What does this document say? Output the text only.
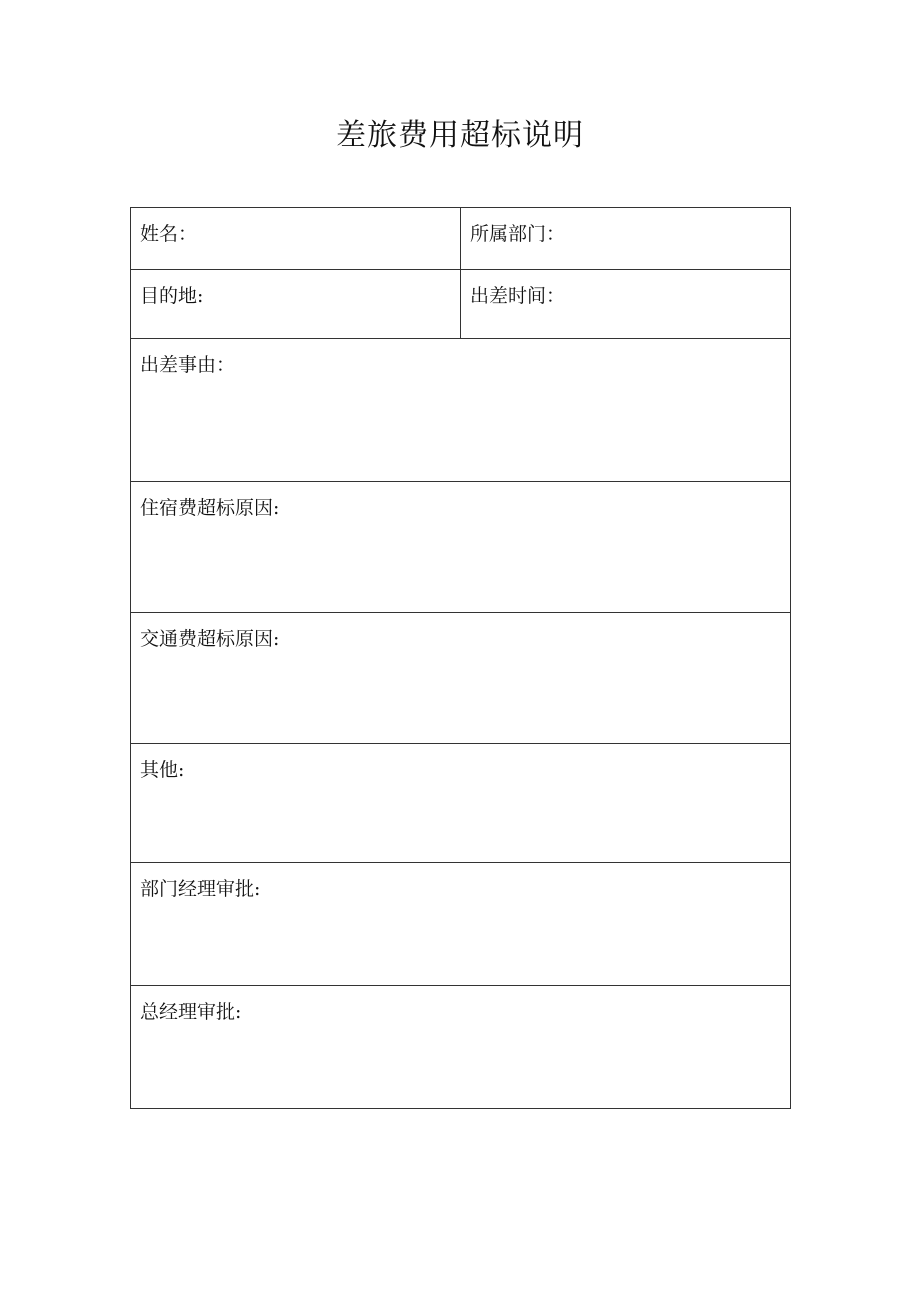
差旅费用超标说明
姓名：	所属部门：
目的地:	出差时间：
出差事由：	
住宿费超标原因:	
交通费超标原因:	
其他:	
部门经理审批:	
总经理审批:	
